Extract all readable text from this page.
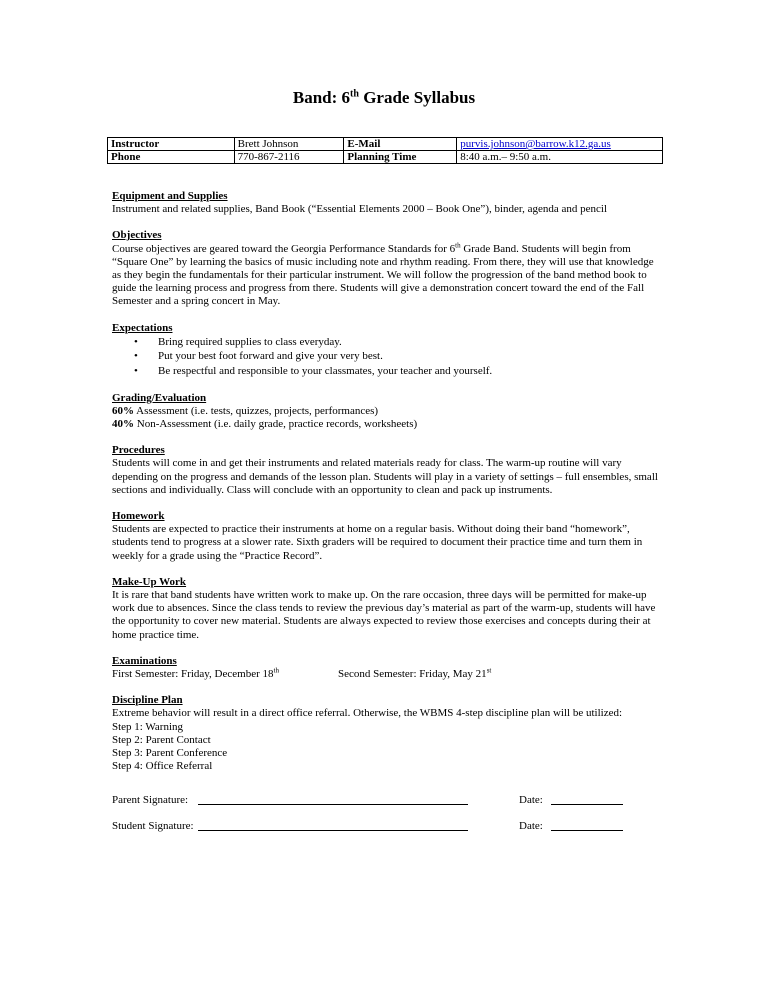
Band: 6th Grade Syllabus
Instructor	Brett Johnson	E-Mail	purvis.johnson@barrow.k12.ga.us
Phone	770-867-2116	Planning Time	8:40 a.m.– 9:50 a.m.
Equipment and Supplies
Instrument and related supplies, Band Book (“Essential Elements 2000 – Book One”), binder, agenda and pencil
Objectives
Course objectives are geared toward the Georgia Performance Standards for 6th Grade Band. Students will begin from “Square One” by learning the basics of music including note and rhythm reading. From there, they will use that knowledge as they begin the fundamentals for their particular instrument. We will follow the progression of the band method book to guide the learning process and progress from there. Students will give a demonstration concert toward the end of the Fall Semester and a spring concert in May.
Expectations
• Bring required supplies to class everyday.
• Put your best foot forward and give your very best.
• Be respectful and responsible to your classmates, your teacher and yourself.
Grading/Evaluation
60% Assessment (i.e. tests, quizzes, projects, performances)
40% Non-Assessment (i.e. daily grade, practice records, worksheets)
Procedures
Students will come in and get their instruments and related materials ready for class. The warm-up routine will vary depending on the progress and demands of the lesson plan. Students will play in a variety of settings – full ensembles, small sections and individually. Class will conclude with an opportunity to clean and pack up instruments.
Homework
Students are expected to practice their instruments at home on a regular basis. Without doing their band “homework”, students tend to progress at a slower rate. Sixth graders will be required to document their practice time and turn them in weekly for a grade using the “Practice Record”.
Make-Up Work
It is rare that band students have written work to make up. On the rare occasion, three days will be permitted for make-up work due to absences. Since the class tends to review the previous day’s material as part of the warm-up, students will have the opportunity to cover new material. Students are always expected to review those exercises and concepts during their at home practice time.
Examinations
First Semester: Friday, December 18th	Second Semester: Friday, May 21st
Discipline Plan
Extreme behavior will result in a direct office referral. Otherwise, the WBMS 4-step discipline plan will be utilized:
Step 1: Warning
Step 2: Parent Contact
Step 3: Parent Conference
Step 4: Office Referral
Parent Signature:	Date:
Student Signature:	Date:
